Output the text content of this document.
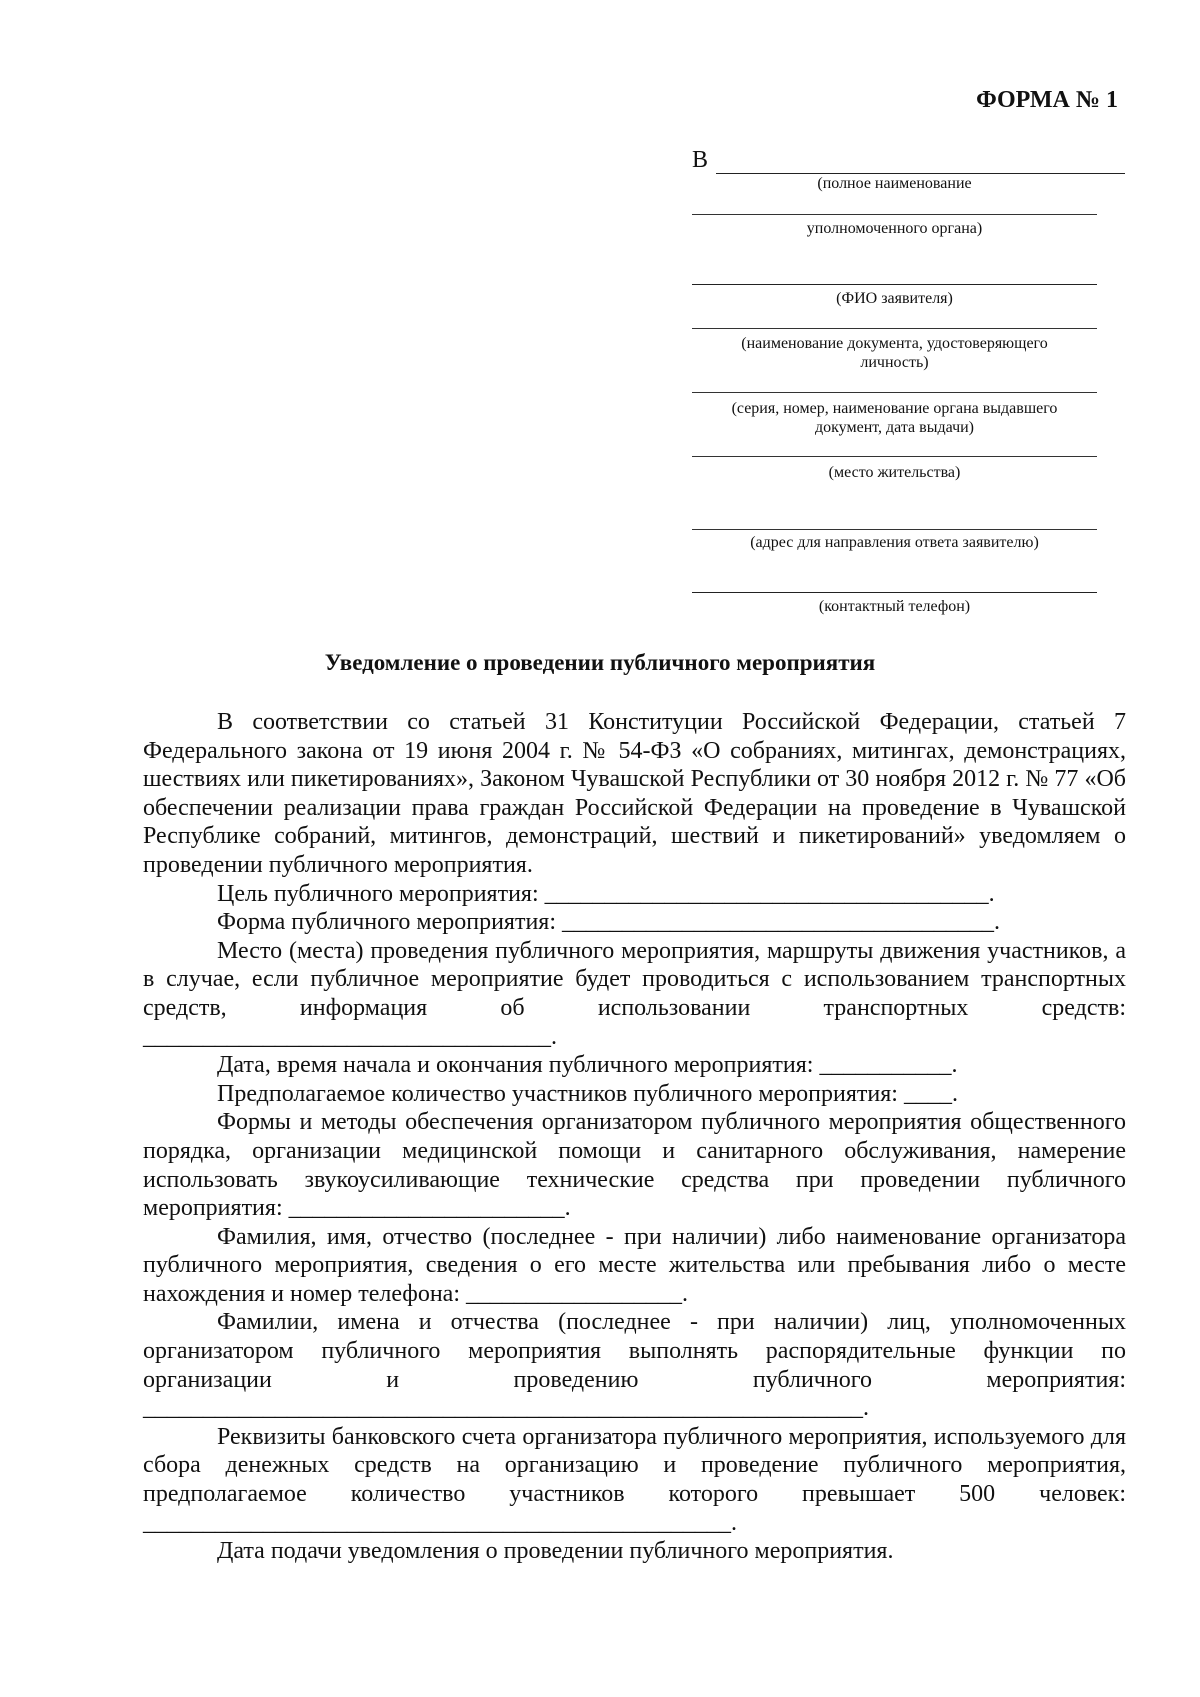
ФОРМА № 1
В
(полное наименование
уполномоченного органа)
(ФИО заявителя)
(наименование документа, удостоверяющего
личность)
(серия, номер, наименование органа выдавшего
документ, дата выдачи)
(место жительства)
(адрес для направления ответа заявителю)
(контактный телефон)
Уведомление о проведении публичного мероприятия

В соответствии со статьей 31 Конституции Российской Федерации, статьей 7 Федерального закона от 19 июня 2004 г. № 54-ФЗ «О собраниях, митингах, демонстрациях, шествиях или пикетированиях», Законом Чувашской Республики от 30 ноября 2012 г. № 77 «Об обеспечении реализации права граждан Российской Федерации на проведение в Чувашской Республике собраний, митингов, демонстраций, шествий и пикетирований» уведомляем о проведении публичного мероприятия.

Цель публичного мероприятия: _____________________________________.

Форма публичного мероприятия: ____________________________________.

Место (места) проведения публичного мероприятия, маршруты движения участников, а в случае, если публичное мероприятие будет проводиться с использованием транспортных средств, информация об использовании транспортных средств: __________________________________.

Дата, время начала и окончания публичного мероприятия: ___________.

Предполагаемое количество участников публичного мероприятия: ____.

Формы и методы обеспечения организатором публичного мероприятия общественного порядка, организации медицинской помощи и санитарного обслуживания, намерение использовать звукоусиливающие технические средства при проведении публичного мероприятия: _______________________.

Фамилия, имя, отчество (последнее - при наличии) либо наименование организатора публичного мероприятия, сведения о его месте жительства или пребывания либо о месте нахождения и номер телефона: __________________.

Фамилии, имена и отчества (последнее - при наличии) лиц, уполномоченных организатором публичного мероприятия выполнять распорядительные функции по организации и проведению публичного мероприятия: ____________________________________________________________.

Реквизиты банковского счета организатора публичного мероприятия, используемого для сбора денежных средств на организацию и проведение публичного мероприятия, предполагаемое количество участников которого превышает 500 человек: _________________________________________________.

Дата подачи уведомления о проведении публичного мероприятия.
